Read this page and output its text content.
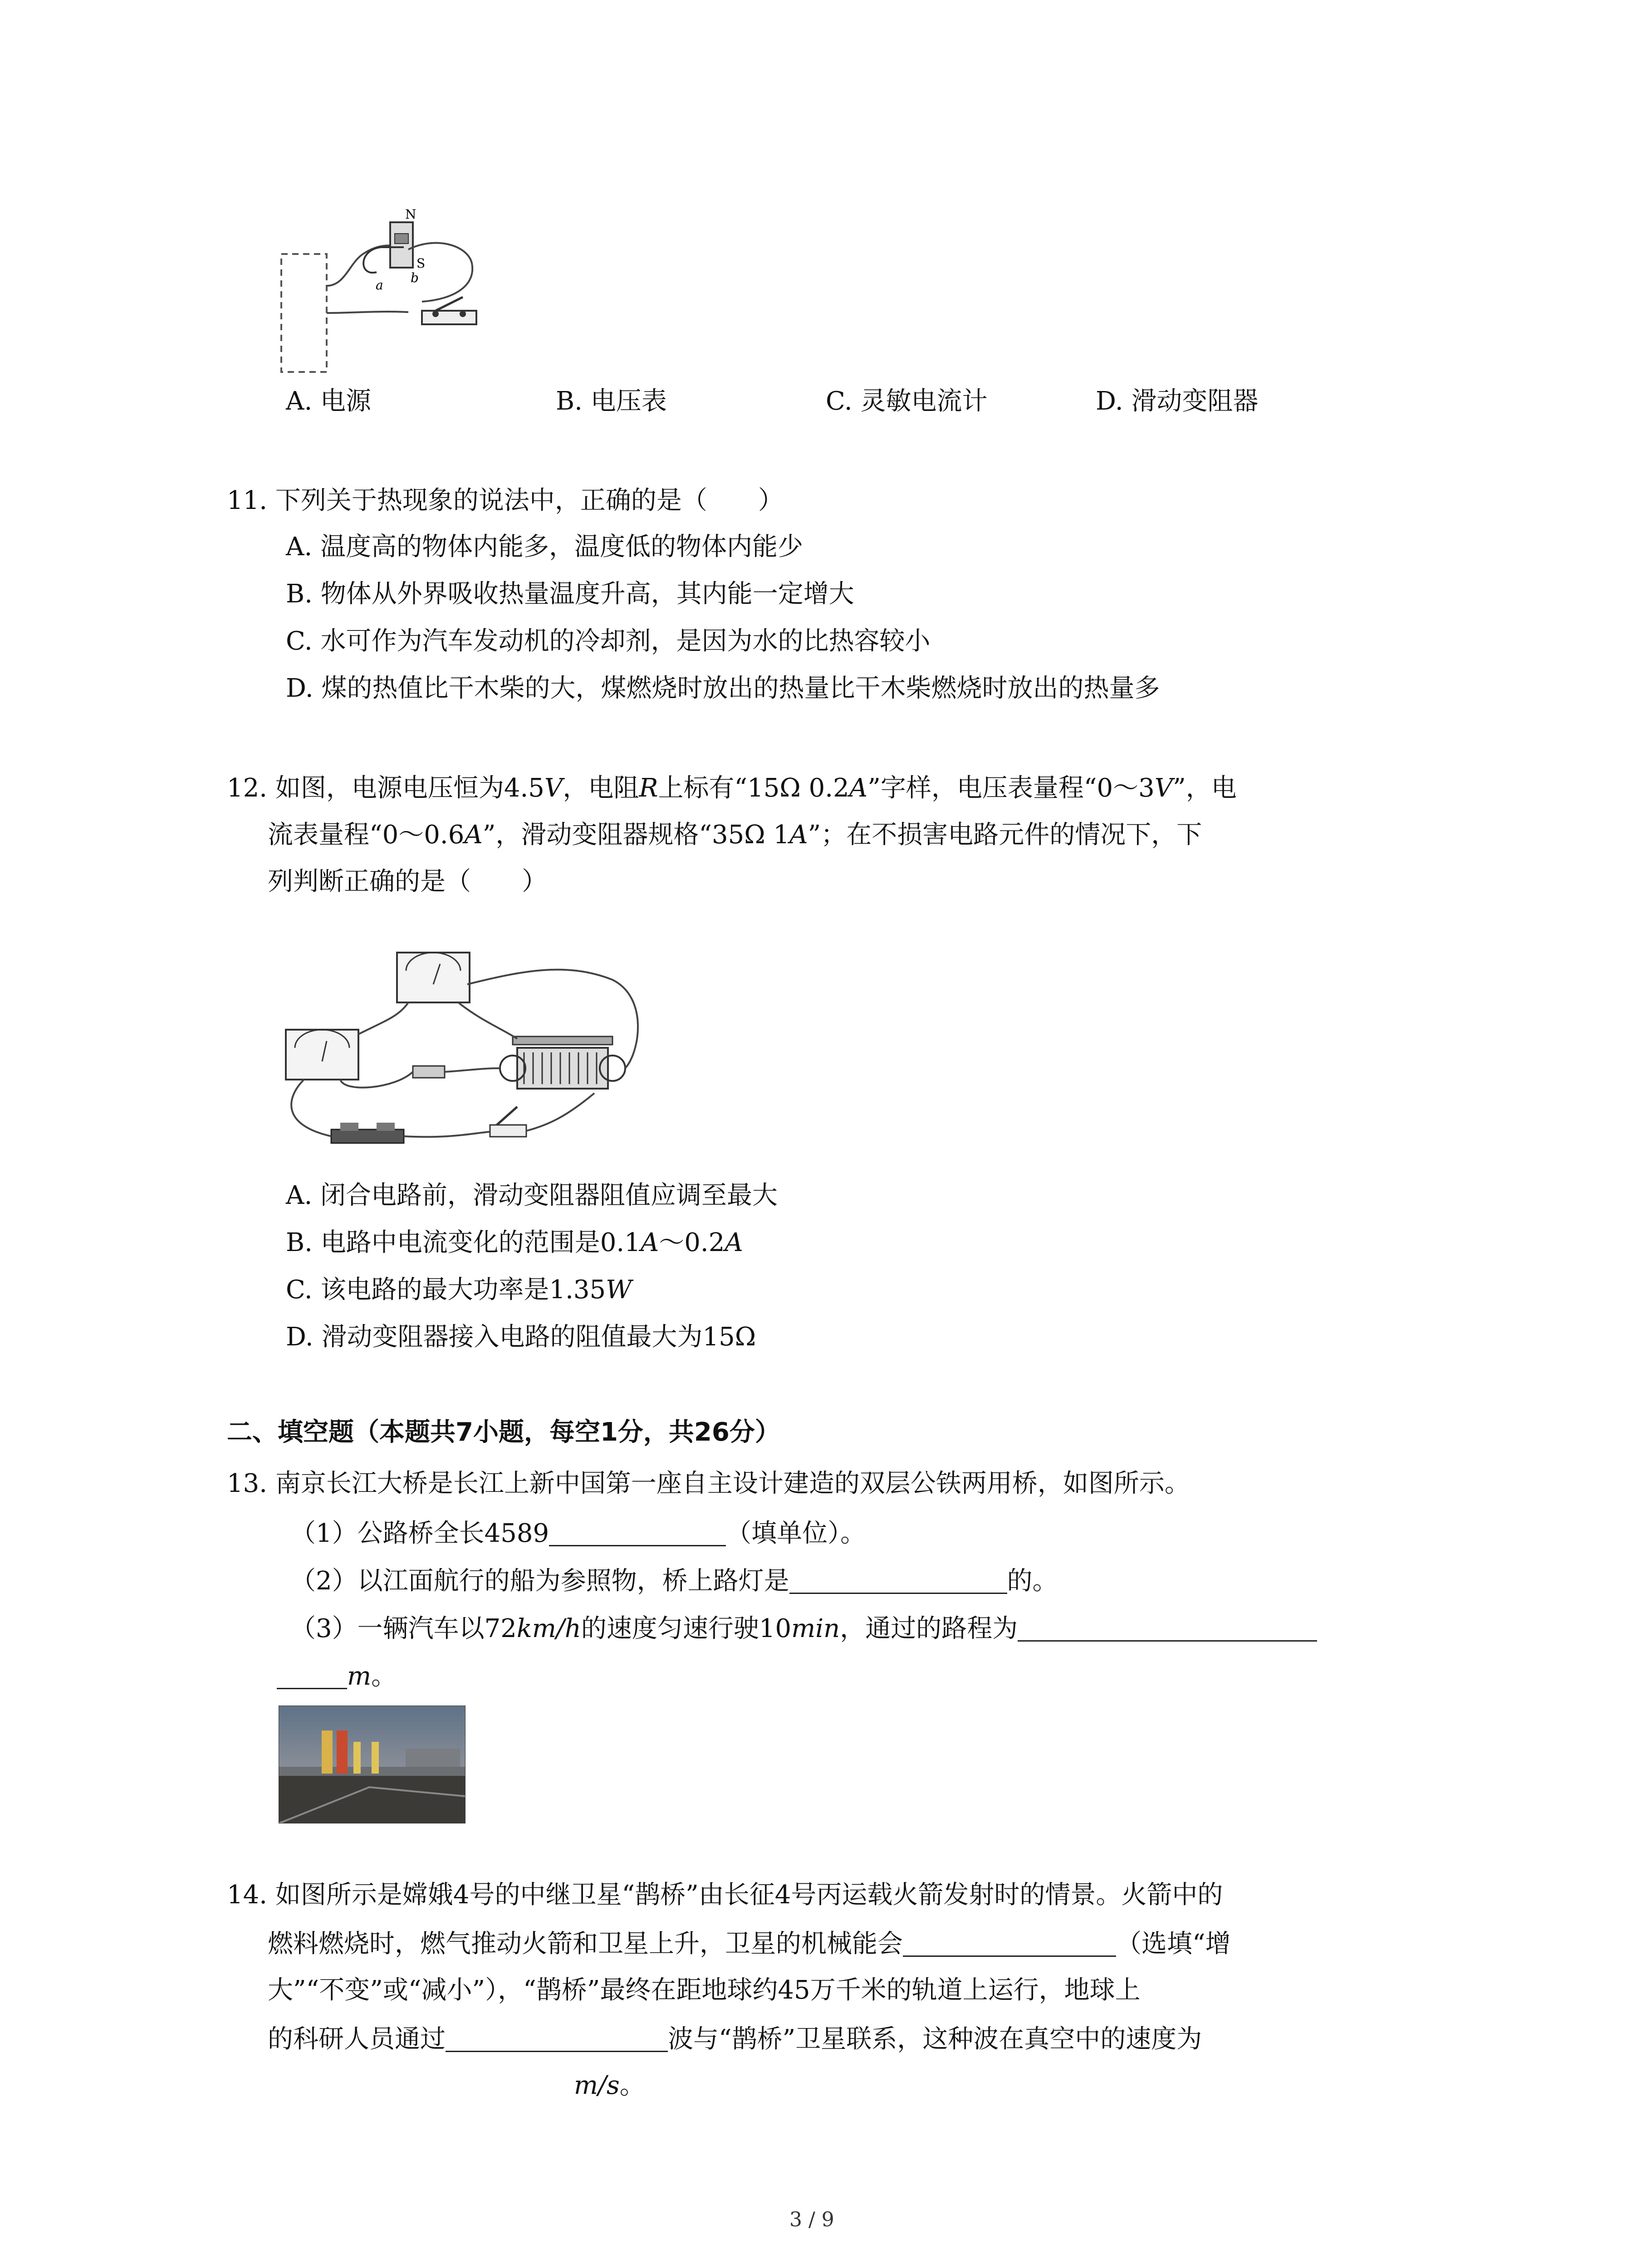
N
S
a b
A. 电源	B. 电压表	C. 灵敏电流计	D. 滑动变阻器
11. 下列关于热现象的说法中，正确的是（　　）
A. 温度高的物体内能多，温度低的物体内能少
B. 物体从外界吸收热量温度升高，其内能一定增大
C. 水可作为汽车发动机的冷却剂，是因为水的比热容较小
D. 煤的热值比干木柴的大，煤燃烧时放出的热量比干木柴燃烧时放出的热量多
12. 如图，电源电压恒为4.5V，电阻R上标有“15Ω 0.2A”字样，电压表量程“0～3V”，电
流表量程“0～0.6A”，滑动变阻器规格“35Ω 1A”；在不损害电路元件的情况下，下
列判断正确的是（　　）
A. 闭合电路前，滑动变阻器阻值应调至最大
B. 电路中电流变化的范围是0.1A～0.2A
C. 该电路的最大功率是1.35W
D. 滑动变阻器接入电路的阻值最大为15Ω
二、填空题（本题共7小题，每空1分，共26分）
13. 南京长江大桥是长江上新中国第一座自主设计建造的双层公铁两用桥，如图所示。
（1）公路桥全长4589	（填单位）。
（2）以江面航行的船为参照物，桥上路灯是	的。
（3）一辆汽车以72km/h的速度匀速行驶10min，通过的路程为
m。
14. 如图所示是嫦娥4号的中继卫星“鹊桥”由长征4号丙运载火箭发射时的情景。火箭中的
燃料燃烧时，燃气推动火箭和卫星上升，卫星的机械能会	（选填“增
大”“不变”或“减小”），“鹊桥”最终在距地球约45万千米的轨道上运行，地球上
的科研人员通过	波与“鹊桥”卫星联系，这种波在真空中的速度为
m/s。
3 / 9
